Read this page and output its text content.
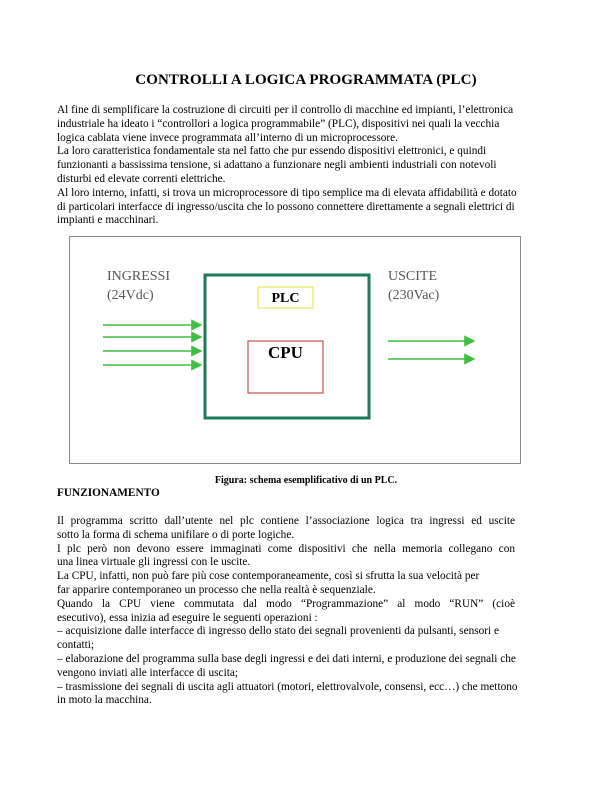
CONTROLLI A LOGICA PROGRAMMATA (PLC)

Al fine di semplificare la costruzione di circuiti per il controllo di macchine ed impianti, l’elettronica

industriale ha ideato i “controllori a logica programmabile” (PLC), dispositivi nei quali la vecchia

logica cablata viene invece programmata all’interno di un microprocessore.

La loro caratteristica fondamentale sta nel fatto che pur essendo dispositivi elettronici, e quindi

funzionanti a bassissima tensione, si adattano a funzionare negli ambienti industriali con notevoli

disturbi ed elevate correnti elettriche.

Al loro interno, infatti, si trova un microprocessore di tipo semplice ma di elevata affidabilità e dotato

di particolari interfacce di ingresso/uscita che lo possono connettere direttamente a segnali elettrici di

impianti e macchinari.

INGRESSI
(24Vdc)
USCITE
(230Vac)
PLC
CPU
Figura: schema esemplificativo di un PLC.
FUNZIONAMENTO

Il programma scritto dall’utente nel plc contiene l’associazione logica tra ingressi ed uscite

sotto la forma di schema unifilare o di porte logiche.

I plc però non devono essere immaginati come dispositivi che nella memoria collegano con

una linea virtuale gli ingressi con le uscite.

La CPU, infatti, non può fare più cose contemporaneamente, così si sfrutta la sua velocità per

far apparire contemporaneo un processo che nella realtà è sequenziale.

Quando la CPU viene commutata dal modo “Programmazione” al modo “RUN” (cioè

esecutivo), essa inizia ad eseguire le seguenti operazioni :

– acquisizione dalle interfacce di ingresso dello stato dei segnali provenienti da pulsanti, sensori e

contatti;

– elaborazione del programma sulla base degli ingressi e dei dati interni, e produzione dei segnali che

vengono inviati alle interfacce di uscita;

– trasmissione dei segnali di uscita agli attuatori (motori, elettrovalvole, consensi, ecc…) che mettono

in moto la macchina.
